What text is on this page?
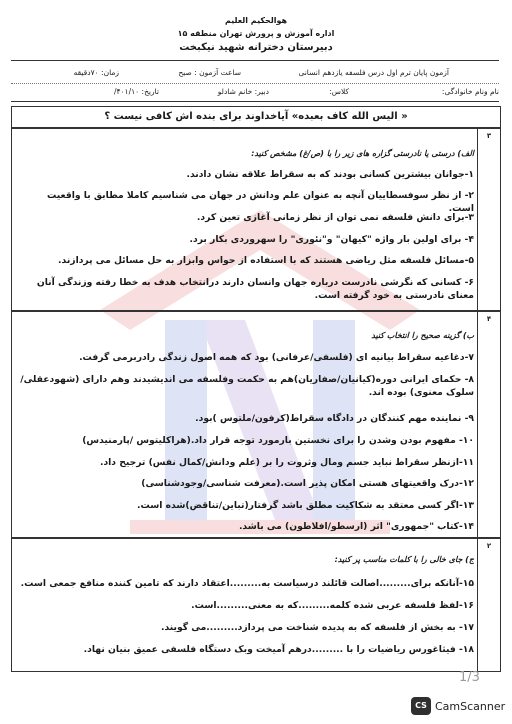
هوالحکیم العلیم
اداره آموزش و پرورش تهران منطقه ۱۵
دبیرستان دخترانه شهید نیکبخت
آزمون پایان ترم اول درس فلسفه یازدهم انسانی
ساعت آزمون : صبح
زمان: ۷۰دقیقه
نام ونام خانوادگی:
کلاس:
دبیر: خانم شادلو
تاریخ: ۴۰۱/۱۰/
« الیس الله کاف بعبده» آیاخداوند برای بنده اش کافی نیست ؟
۳
الف) درستی یا نادرستی گزاره های زیر را با (ص/غ) مشخص کنید:
۱-جوانان بیشترین کسانی بودند که به سقراط علاقه نشان دادند.
۲- از نظر سوفسطاییان آنچه به عنوان علم ودانش در جهان می شناسیم کاملا مطابق با واقعیت است.
۳-برای دانش فلسفه نمی توان از نظر زمانی آغازی تعین کرد.
۴- برای اولین بار واژه "کیهان" و"نئوری" را سهروردی بکار برد.
۵-مسائل فلسفه مثل ریاضی هستند که با استفاده از حواس وابزار به حل مسائل می پردازند.
۶- کسانی که نگرشی نادرست درباره جهان وانسان دارند درانتخاب هدف به خطا رفته وزندگی آنان معنای نادرستی به خود گرفته است.
۴
ب) گزینه صحیح را انتخاب کنید
۷-دغاعیه سقراط بیانیه ای (فلسفی/عرفانی) بود که همه اصول زندگی رادربرمی گرفت.
۸- حکمای ایرانی دوره(کیانیان/صفاریان)هم به حکمت وفلسفه می اندیشیدند وهم دارای (شهودعقلی/سلوک معنوی) بوده اند.
۹- نماینده مهم کنندگان در دادگاه سقراط(کرفون/ملتوس )بود.
۱۰- مفهوم بودن وشدن را برای نخستین بارمورد توجه قرار داد.(هراکلیتوس /پارمنیدس)
۱۱-ازنظر سقراط نباید جسم ومال وثروت را بر (علم ودانش/کمال نفس) ترجیح داد.
۱۲-درک واقعیتهای هستی امکان پذیر است.(معرفت شناسی/وجودشناسی)
۱۳-اگر کسی معتقد به شکاکیت مطلق باشد گرفتار(تباین/تناقض)شده است.
۱۴-کتاب "جمهوری" اثر (ارسطو/افلاطون) می باشد.
۲
ج) جای خالی را با کلمات مناسب پر کنید:
۱۵-آنانکه برای.........اصالت قائلند درسیاست به.........اعتقاد دارند که تامین کننده منافع جمعی است.
۱۶-لفظ فلسفه عربی شده کلمه.........که به معنی.........است.
۱۷- به بخش از فلسفه که به پدیده شناخت می پردازد.........می گویند.
۱۸- فیثاغورس ریاضیات را با .........درهم آمیخت وبک دستگاه فلسفی عمیق بنیان نهاد.
1/3
CS CamScanner
